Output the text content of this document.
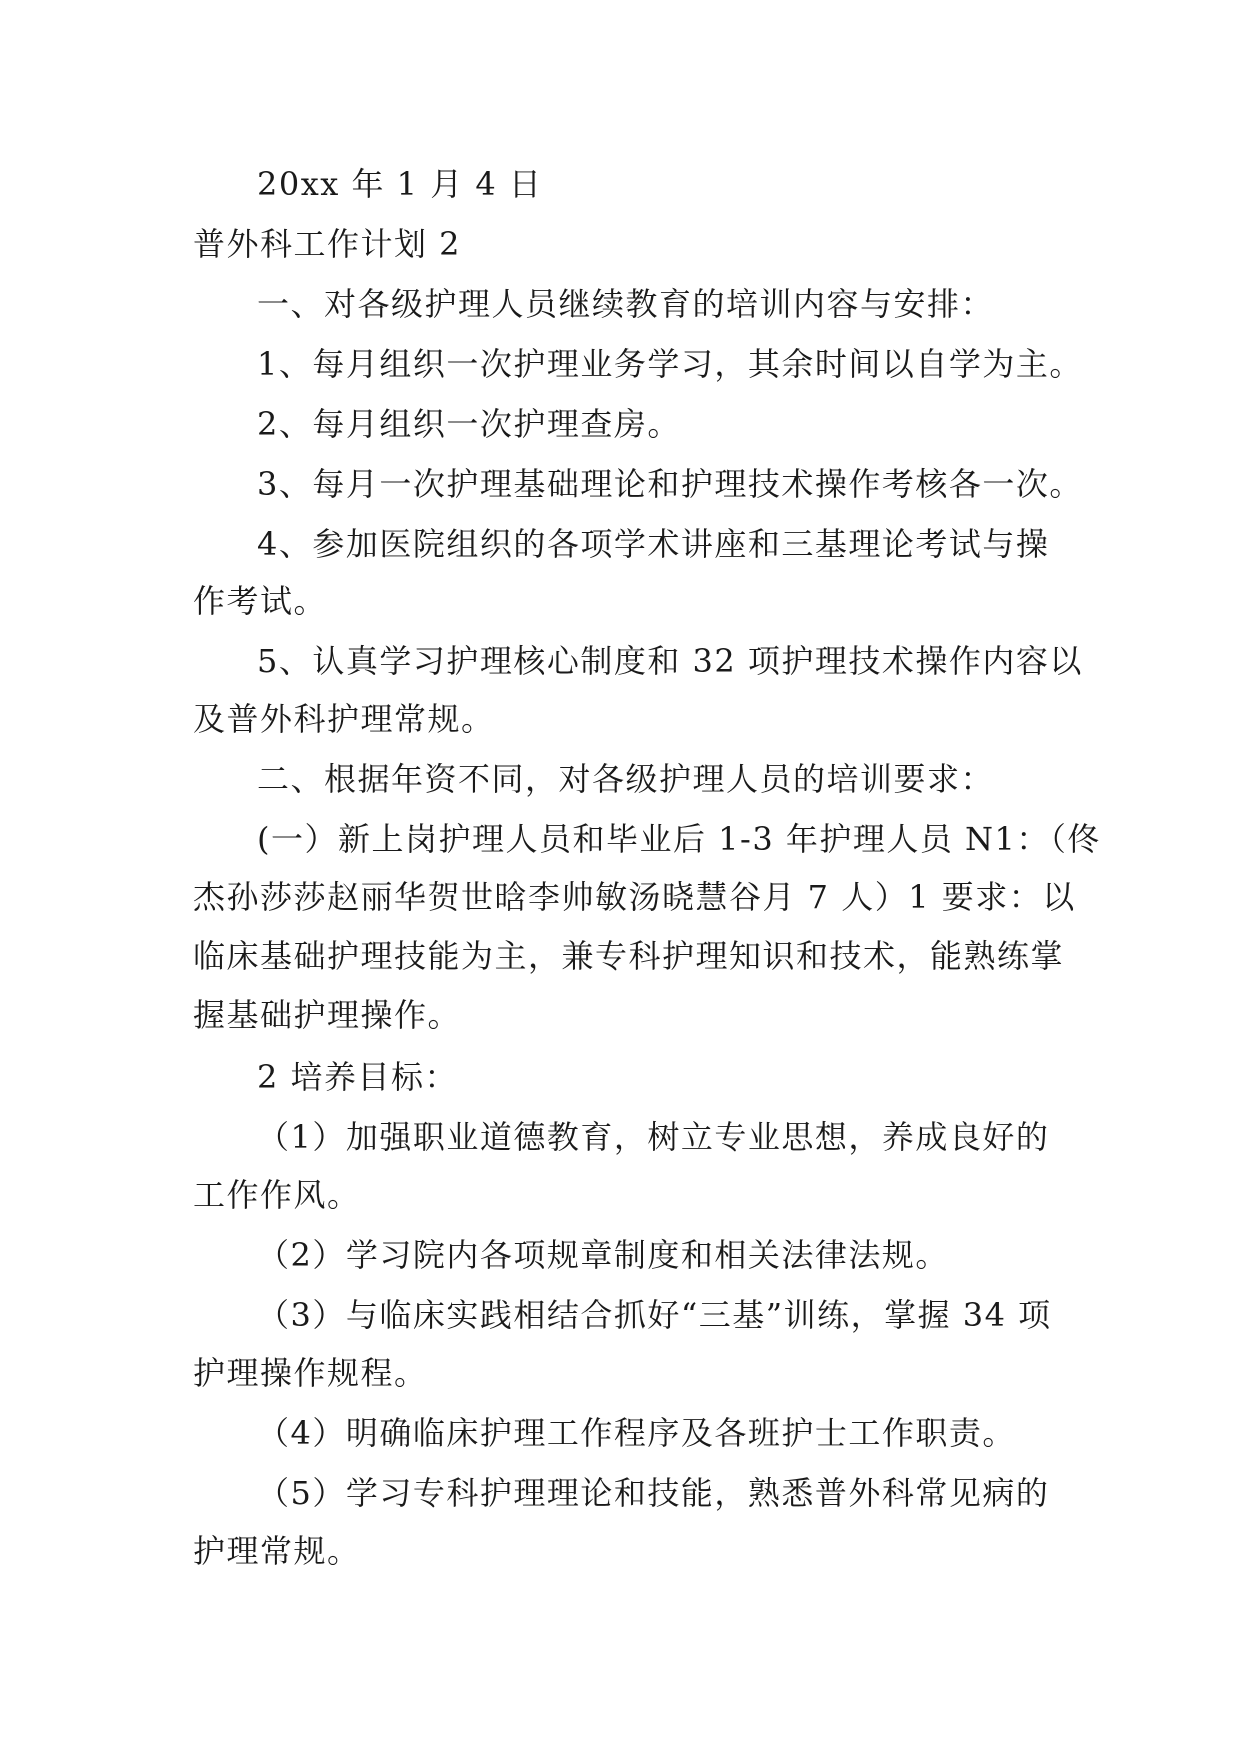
20xx 年 1 月 4 日

普外科工作计划 2

一、对各级护理人员继续教育的培训内容与安排：

1、每月组织一次护理业务学习，其余时间以自学为主。

2、每月组织一次护理查房。

3、每月一次护理基础理论和护理技术操作考核各一次。

4、参加医院组织的各项学术讲座和三基理论考试与操

作考试。

5、认真学习护理核心制度和 32 项护理技术操作内容以

及普外科护理常规。

二、根据年资不同，对各级护理人员的培训要求：

(一）新上岗护理人员和毕业后 1-3 年护理人员 N1：（佟

杰孙莎莎赵丽华贺世晗李帅敏汤晓慧谷月 7 人）1 要求：以

临床基础护理技能为主，兼专科护理知识和技术，能熟练掌

握基础护理操作。

2 培养目标：

（1）加强职业道德教育，树立专业思想，养成良好的

工作作风。

（2）学习院内各项规章制度和相关法律法规。

（3）与临床实践相结合抓好“三基”训练，掌握 34 项

护理操作规程。

（4）明确临床护理工作程序及各班护士工作职责。

（5）学习专科护理理论和技能，熟悉普外科常见病的

护理常规。
